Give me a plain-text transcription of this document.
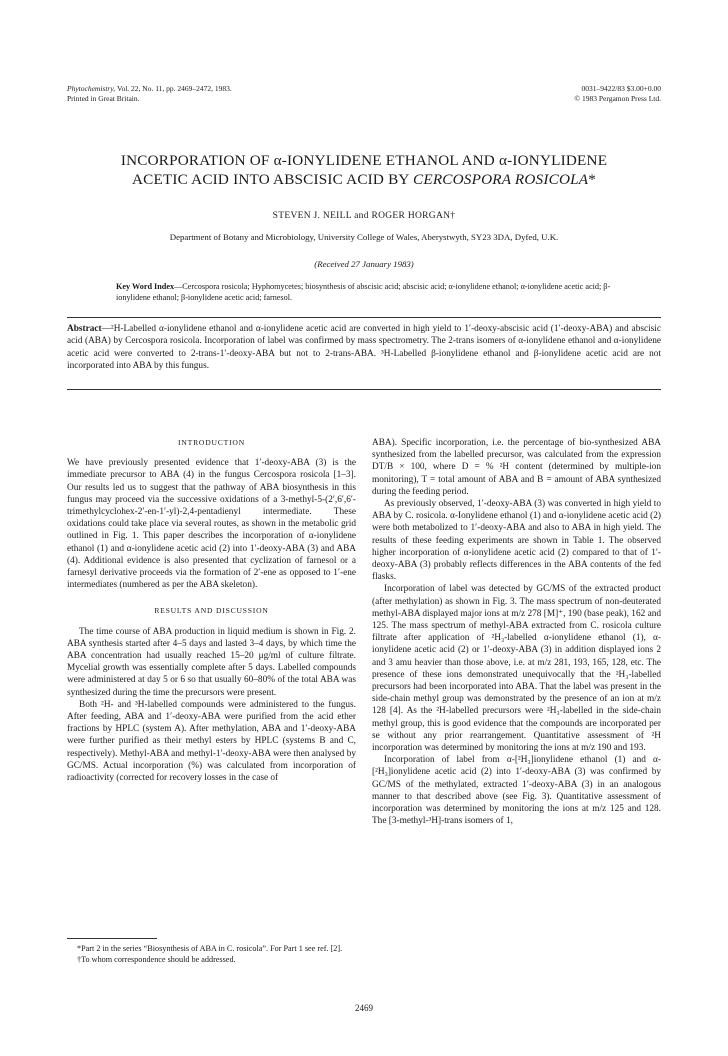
Phytochemistry, Vol. 22, No. 11, pp. 2469–2472, 1983.
Printed in Great Britain.
0031–9422/83 $3.00+0.00
© 1983 Pergamon Press Ltd.
INCORPORATION OF α-IONYLIDENE ETHANOL AND α-IONYLIDENE
ACETIC ACID INTO ABSCISIC ACID BY CERCOSPORA ROSICOLA*
STEVEN J. NEILL and ROGER HORGAN†
Department of Botany and Microbiology, University College of Wales, Aberystwyth, SY23 3DA, Dyfed, U.K.
(Received 27 January 1983)
Key Word Index—Cercospora rosicola; Hyphomycetes; biosynthesis of abscisic acid; abscisic acid; α-ionylidene ethanol; α-ionylidene acetic acid; β-ionylidene ethanol; β-ionylidene acetic acid; farnesol.
Abstract—²H-Labelled α-ionylidene ethanol and α-ionylidene acetic acid are converted in high yield to 1′-deoxy-abscisic acid (1′-deoxy-ABA) and abscisic acid (ABA) by Cercospora rosicola. Incorporation of label was confirmed by mass spectrometry. The 2-trans isomers of α-ionylidene ethanol and α-ionylidene acetic acid were converted to 2-trans-1′-deoxy-ABA but not to 2-trans-ABA. ³H-Labelled β-ionylidene ethanol and β-ionylidene acetic acid are not incorporated into ABA by this fungus.

INTRODUCTION

We have previously presented evidence that 1′-deoxy-ABA (3) is the immediate precursor to ABA (4) in the fungus Cercospora rosicola [1–3]. Our results led us to suggest that the pathway of ABA biosynthesis in this fungus may proceed via the successive oxidations of a 3-methyl-5-(2′,6′,6′-trimethylcyclohex-2′-en-1′-yl)-2,4-pentadienyl intermediate. These oxidations could take place via several routes, as shown in the metabolic grid outlined in Fig. 1. This paper describes the incorporation of α-ionylidene ethanol (1) and α-ionylidene acetic acid (2) into 1′-deoxy-ABA (3) and ABA (4). Additional evidence is also presented that cyclization of farnesol or a farnesyl derivative proceeds via the formation of 2′-ene as opposed to 1′-ene intermediates (numbered as per the ABA skeleton).

RESULTS AND DISCUSSION

The time course of ABA production in liquid medium is shown in Fig. 2. ABA synthesis started after 4–5 days and lasted 3–4 days, by which time the ABA concentration had usually reached 15–20 μg/ml of culture filtrate. Mycelial growth was essentially complete after 5 days. Labelled compounds were administered at day 5 or 6 so that usually 60–80% of the total ABA was synthesized during the time the precursors were present.

Both ²H- and ³H-labelled compounds were administered to the fungus. After feeding, ABA and 1′-deoxy-ABA were purified from the acid ether fractions by HPLC (system A). After methylation, ABA and 1′-deoxy-ABA were further purified as their methyl esters by HPLC (systems B and C, respectively). Methyl-ABA and methyl-1′-deoxy-ABA were then analysed by GC/MS. Actual incorporation (%) was calculated from incorporation of radioactivity (corrected for recovery losses in the case of

*Part 2 in the series “Biosynthesis of ABA in C. rosicola”. For Part 1 see ref. [2].

†To whom correspondence should be addressed.

ABA). Specific incorporation, i.e. the percentage of bio-synthesized ABA synthesized from the labelled precursor, was calculated from the expression DT/B × 100, where D = % ²H content (determined by multiple-ion monitoring), T = total amount of ABA and B = amount of ABA synthesized during the feeding period.

As previously observed, 1′-deoxy-ABA (3) was converted in high yield to ABA by C. rosicola. α-Ionylidene ethanol (1) and α-ionylidene acetic acid (2) were both metabolized to 1′-deoxy-ABA and also to ABA in high yield. The results of these feeding experiments are shown in Table 1. The observed higher incorporation of α-ionylidene acetic acid (2) compared to that of 1′-deoxy-ABA (3) probably reflects differences in the ABA contents of the fed flasks.

Incorporation of label was detected by GC/MS of the extracted product (after methylation) as shown in Fig. 3. The mass spectrum of non-deuterated methyl-ABA displayed major ions at m/z 278 [M]⁺, 190 (base peak), 162 and 125. The mass spectrum of methyl-ABA extracted from C. rosicola culture filtrate after application of ²H₃-labelled α-ionylidene ethanol (1), α-ionylidene acetic acid (2) or 1′-deoxy-ABA (3) in addition displayed ions 2 and 3 amu heavier than those above, i.e. at m/z 281, 193, 165, 128, etc. The presence of these ions demonstrated unequivocally that the ²H₃-labelled precursors had been incorporated into ABA. That the label was present in the side-chain methyl group was demonstrated by the presence of an ion at m/z 128 [4]. As the ²H-labelled precursors were ²H₃-labelled in the side-chain methyl group, this is good evidence that the compounds are incorporated per se without any prior rearrangement. Quantitative assessment of ²H incorporation was determined by monitoring the ions at m/z 190 and 193.

Incorporation of label from α-[²H₃]ionylidene ethanol (1) and α-[²H₃]ionylidene acetic acid (2) into 1′-deoxy-ABA (3) was confirmed by GC/MS of the methylated, extracted 1′-deoxy-ABA (3) in an analogous manner to that described above (see Fig. 3). Quantitative assessment of incorporation was determined by monitoring the ions at m/z 125 and 128. The [3-methyl-³H]-trans isomers of 1,

2469
